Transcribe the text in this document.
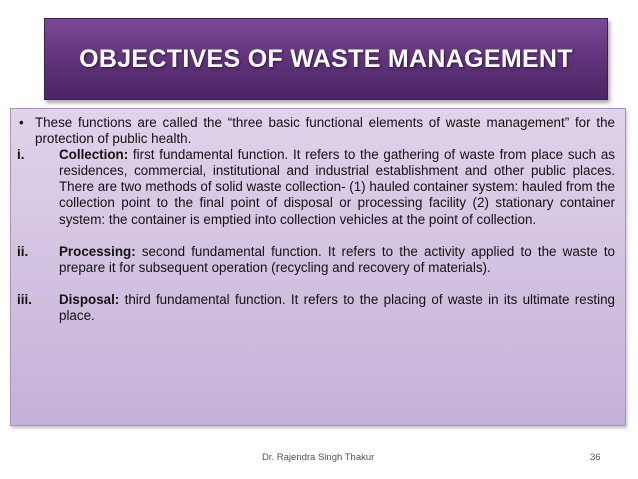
OBJECTIVES OF WASTE MANAGEMENT
• These functions are called the “three basic functional elements of waste management” for the protection of public health.
i.	Collection: first fundamental function. It refers to the gathering of waste from place such as residences, commercial, institutional and industrial establishment and other public places. There are two methods of solid waste collection- (1) hauled container system: hauled from the collection point to the final point of disposal or processing facility (2) stationary container system: the container is emptied into collection vehicles at the point of collection.
ii.	Processing: second fundamental function. It refers to the activity applied to the waste to prepare it for subsequent operation (recycling and recovery of materials).
iii.	Disposal: third fundamental function. It refers to the placing of waste in its ultimate resting place.
Dr. Rajendra Singh Thakur	36
